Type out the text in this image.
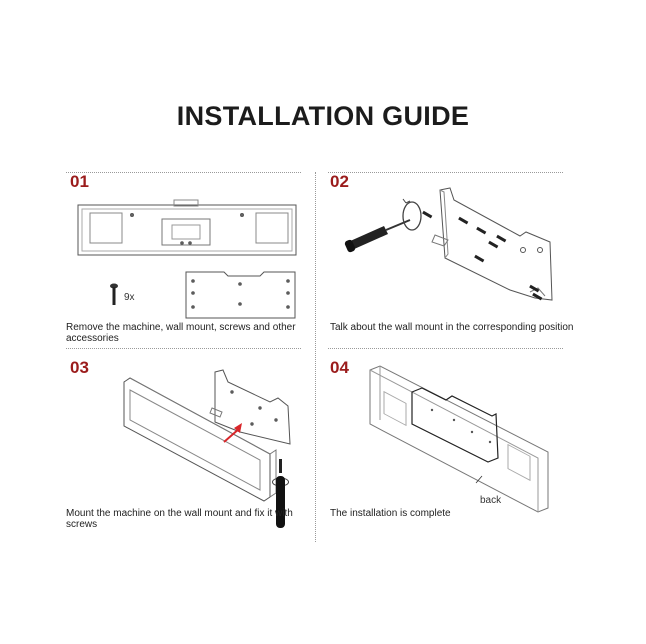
INSTALLATION GUIDE
01
9x
Remove the machine, wall mount, screws and other accessories
02
Talk about the wall mount in the corresponding position
03
Mount the machine on the wall mount and fix it with screws
04
back
The installation is complete
